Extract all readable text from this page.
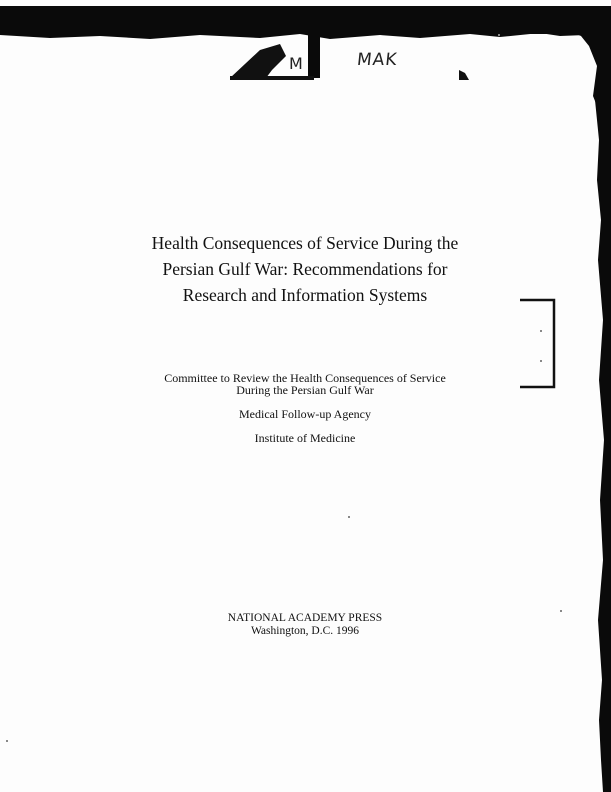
M	MAK
Health Consequences of Service During the
Persian Gulf War: Recommendations for
Research and Information Systems
Committee to Review the Health Consequences of Service
During the Persian Gulf War
Medical Follow-up Agency
Institute of Medicine
NATIONAL ACADEMY PRESS
Washington, D.C. 1996
